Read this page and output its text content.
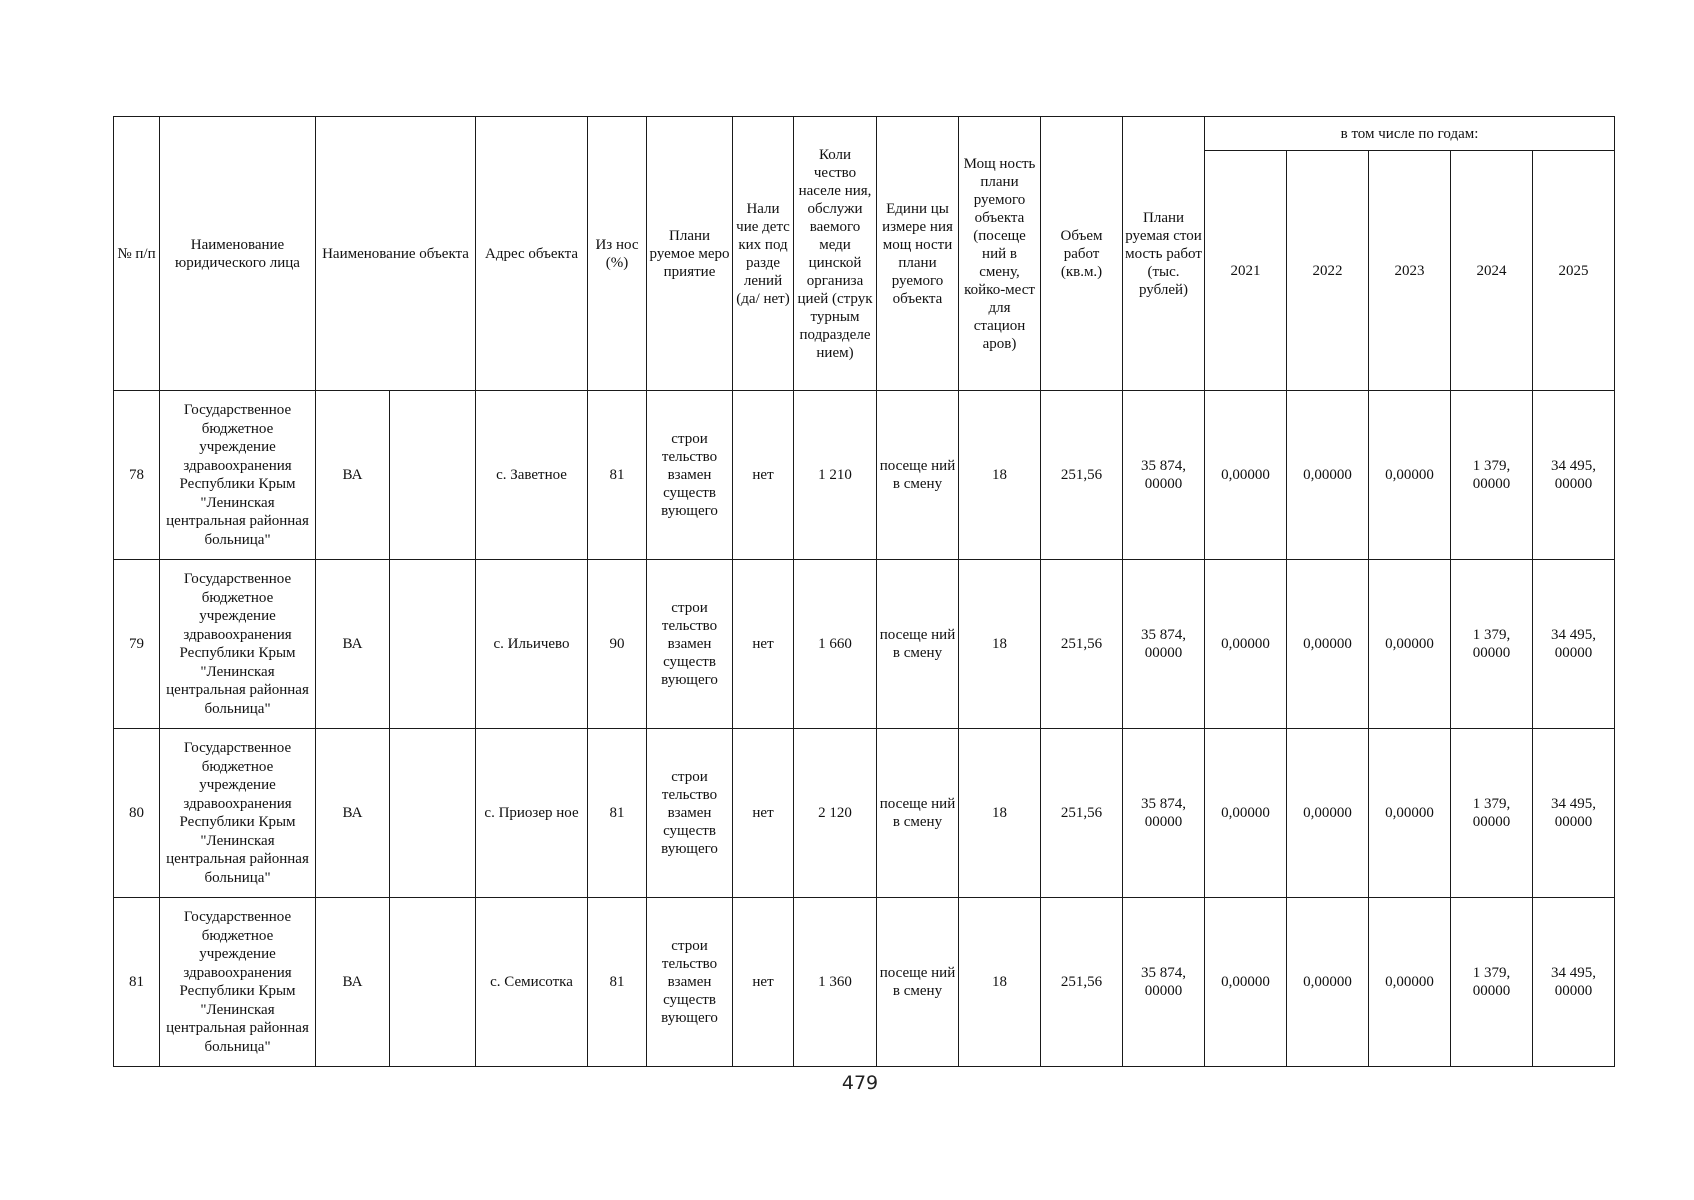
№ п/п	Наименование юридического лица	Наименование объекта		Адрес объекта	Из нос (%)	Плани руемое меро приятие	Нали чие детс ких под разде лений (да/ нет)	Коли чество населе ния, обслужи ваемого меди цинской организа цией (струк турным подразделе нием)	Едини цы измере ния мощ ности плани руемого объекта	Мощ ность плани руемого объекта (посеще ний в смену, койко-мест для стацион аров)	Объем работ (кв.м.)	Плани руемая стои мость работ (тыс. рублей)	в том числе по годам:				
													2021	2022	2023	2024	2025
78	Государственное бюджетное учреждение здравоохранения Республики Крым "Ленинская центральная районная больница"	ВА		с. Заветное	81	строи тельство взамен существ вующего	нет	1 210	посеще ний в смену	18	251,56	35 874, 00000	0,00000	0,00000	0,00000	1 379, 00000	34 495, 00000
79	Государственное бюджетное учреждение здравоохранения Республики Крым "Ленинская центральная районная больница"	ВА		с. Ильичево	90	строи тельство взамен существ вующего	нет	1 660	посеще ний в смену	18	251,56	35 874, 00000	0,00000	0,00000	0,00000	1 379, 00000	34 495, 00000
80	Государственное бюджетное учреждение здравоохранения Республики Крым "Ленинская центральная районная больница"	ВА		с. Приозер ное	81	строи тельство взамен существ вующего	нет	2 120	посеще ний в смену	18	251,56	35 874, 00000	0,00000	0,00000	0,00000	1 379, 00000	34 495, 00000
81	Государственное бюджетное учреждение здравоохранения Республики Крым "Ленинская центральная районная больница"	ВА		с. Семисотка	81	строи тельство взамен существ вующего	нет	1 360	посеще ний в смену	18	251,56	35 874, 00000	0,00000	0,00000	0,00000	1 379, 00000	34 495, 00000
479
